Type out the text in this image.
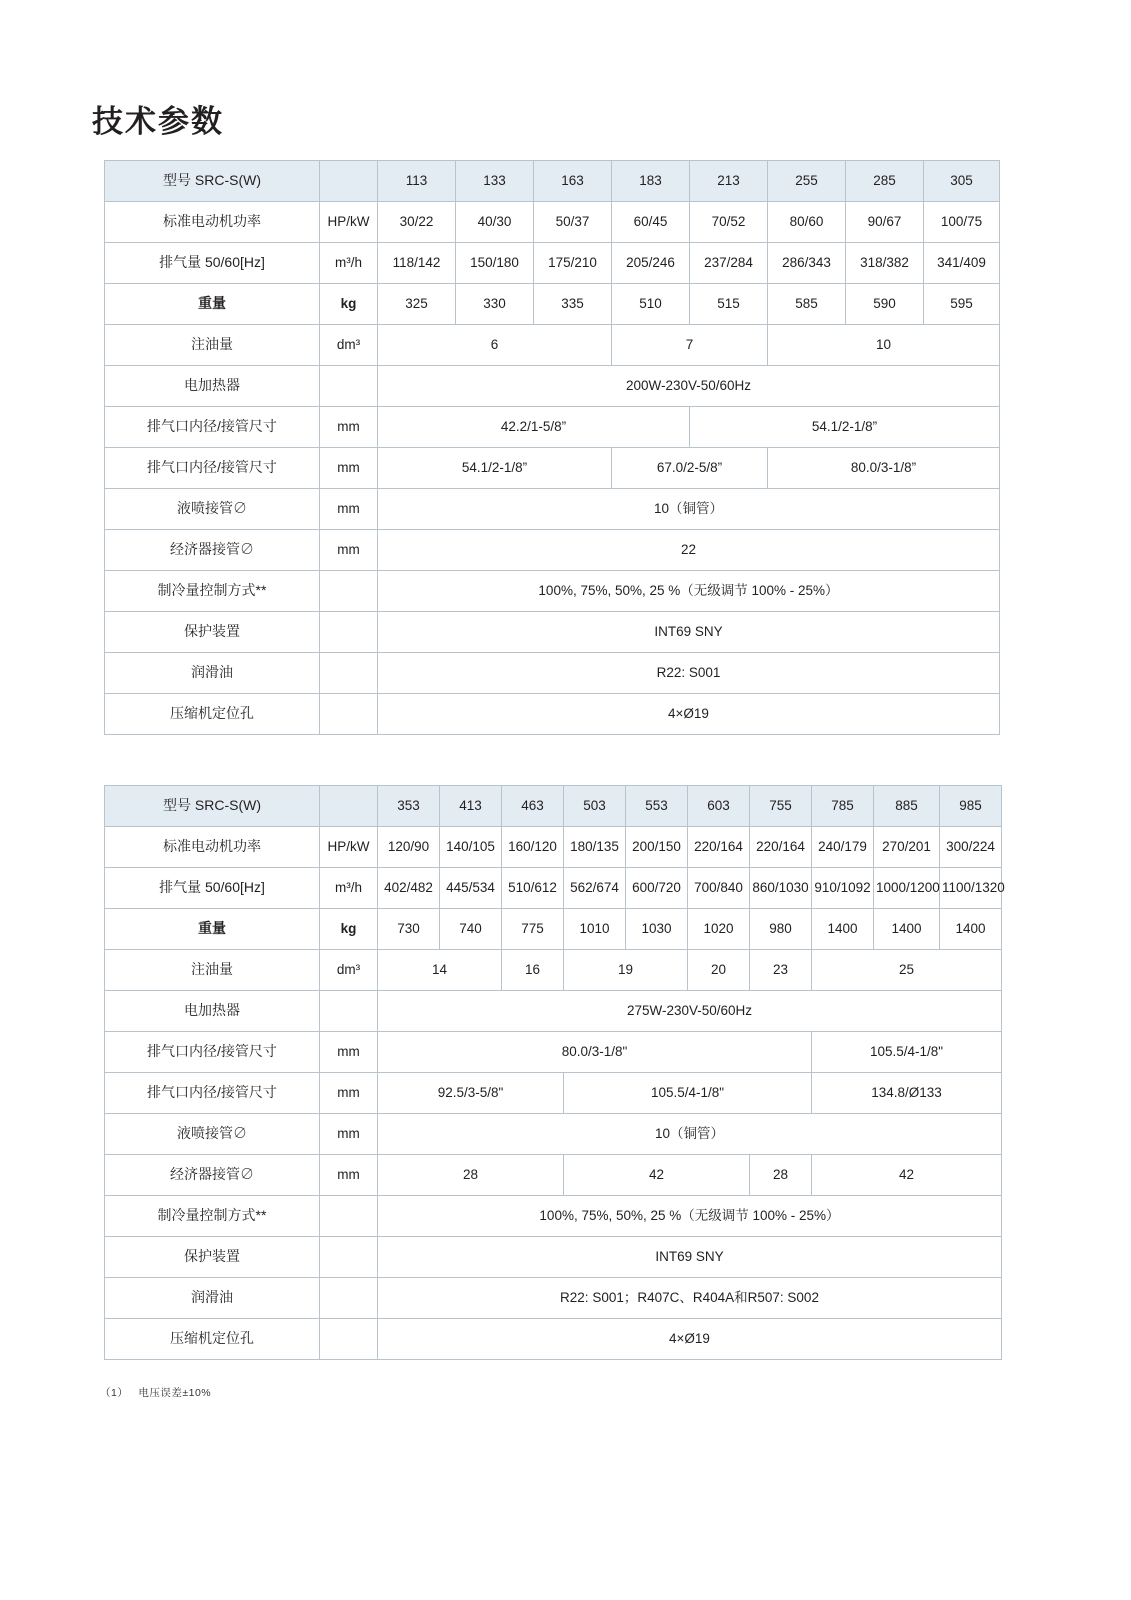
技术参数
型号 SRC-S(W)		113	133	163	183	213	255	285	305
标准电动机功率	HP/kW	30/22	40/30	50/37	60/45	70/52	80/60	90/67	100/75
排气量 50/60[Hz]	m³/h	118/142	150/180	175/210	205/246	237/284	286/343	318/382	341/409
重量	kg	325	330	335	510	515	585	590	595
注油量	dm³	6			7		10		
电加热器		200W-230V-50/60Hz							
排气口内径/接管尺寸	mm	42.2/1-5/8”				54.1/2-1/8”			
排气口内径/接管尺寸	mm	54.1/2-1/8”			67.0/2-5/8”		80.0/3-1/8”		
液喷接管∅	mm	10（铜管）							
经济器接管∅	mm	22							
制冷量控制方式**		100%, 75%, 50%, 25 %（无级调节 100% - 25%）							
保护装置		INT69 SNY							
润滑油		R22: S001							
压缩机定位孔		4×Ø19							
型号 SRC-S(W)		353	413	463	503	553	603	755	785	885	985
标准电动机功率	HP/kW	120/90	140/105	160/120	180/135	200/150	220/164	220/164	240/179	270/201	300/224
排气量 50/60[Hz]	m³/h	402/482	445/534	510/612	562/674	600/720	700/840	860/1030	910/1092	1000/1200	1100/1320
重量	kg	730	740	775	1010	1030	1020	980	1400	1400	1400
注油量	dm³	14		16	19		20	23	25		
电加热器		275W-230V-50/60Hz									
排气口内径/接管尺寸	mm	80.0/3-1/8"							105.5/4-1/8"		
排气口内径/接管尺寸	mm	92.5/3-5/8"			105.5/4-1/8"				134.8/Ø133		
液喷接管∅	mm	10（铜管）									
经济器接管∅	mm	28			42			28	42		
制冷量控制方式**		100%, 75%, 50%, 25 %（无级调节 100% - 25%）									
保护装置		INT69 SNY									
润滑油		R22: S001；R407C、R404A和R507: S002									
压缩机定位孔		4×Ø19									
（1） 电压误差±10%
